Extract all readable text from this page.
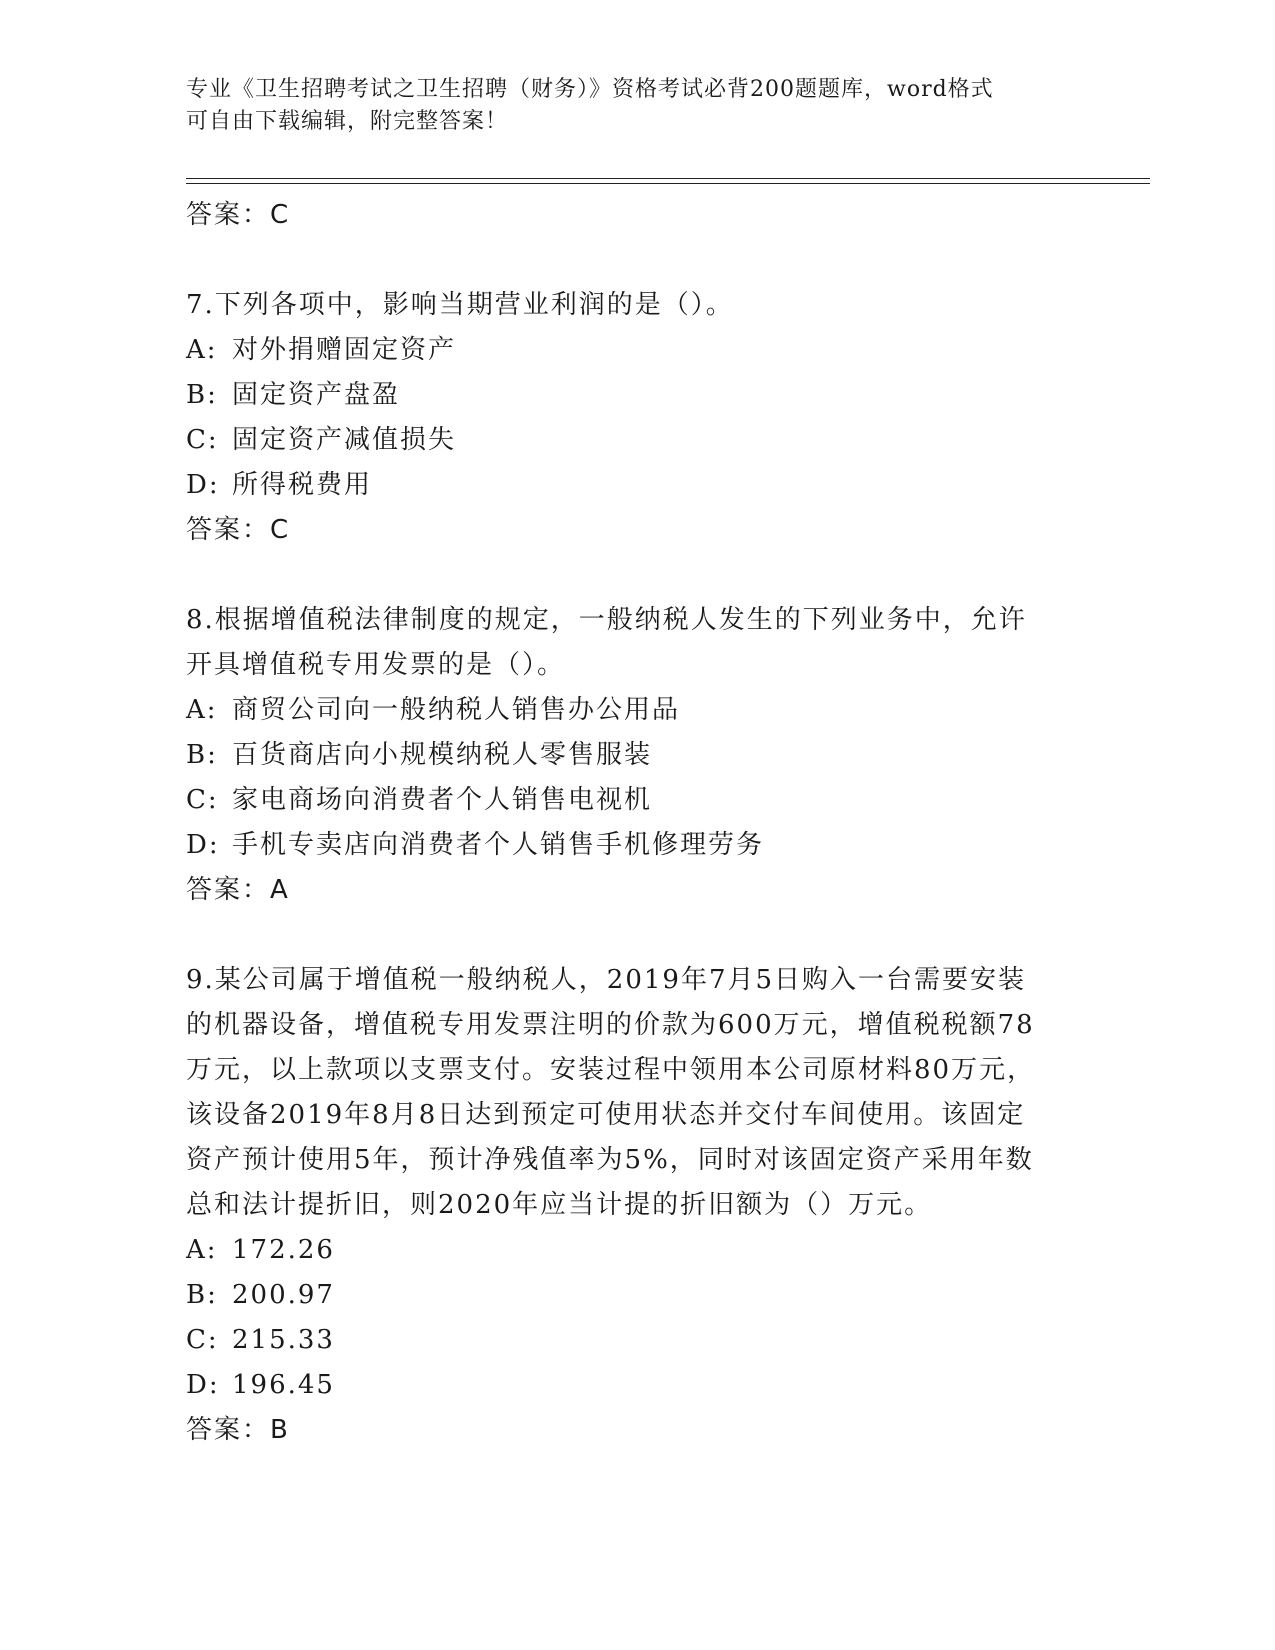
专业《卫生招聘考试之卫生招聘（财务）》资格考试必背200题题库，word格式
可自由下载编辑，附完整答案！
答案：C
7.下列各项中，影响当期营业利润的是（）。
A: 对外捐赠固定资产
B: 固定资产盘盈
C: 固定资产减值损失
D: 所得税费用
答案：C
8.根据增值税法律制度的规定，一般纳税人发生的下列业务中，允许
开具增值税专用发票的是（）。
A: 商贸公司向一般纳税人销售办公用品
B: 百货商店向小规模纳税人零售服装
C: 家电商场向消费者个人销售电视机
D: 手机专卖店向消费者个人销售手机修理劳务
答案：A
9.某公司属于增值税一般纳税人，2019年7月5日购入一台需要安装
的机器设备，增值税专用发票注明的价款为600万元，增值税税额78
万元，以上款项以支票支付。安装过程中领用本公司原材料80万元，
该设备2019年8月8日达到预定可使用状态并交付车间使用。该固定
资产预计使用5年，预计净残值率为5%，同时对该固定资产采用年数
总和法计提折旧，则2020年应当计提的折旧额为（）万元。
A: 172.26
B: 200.97
C: 215.33
D: 196.45
答案：B
